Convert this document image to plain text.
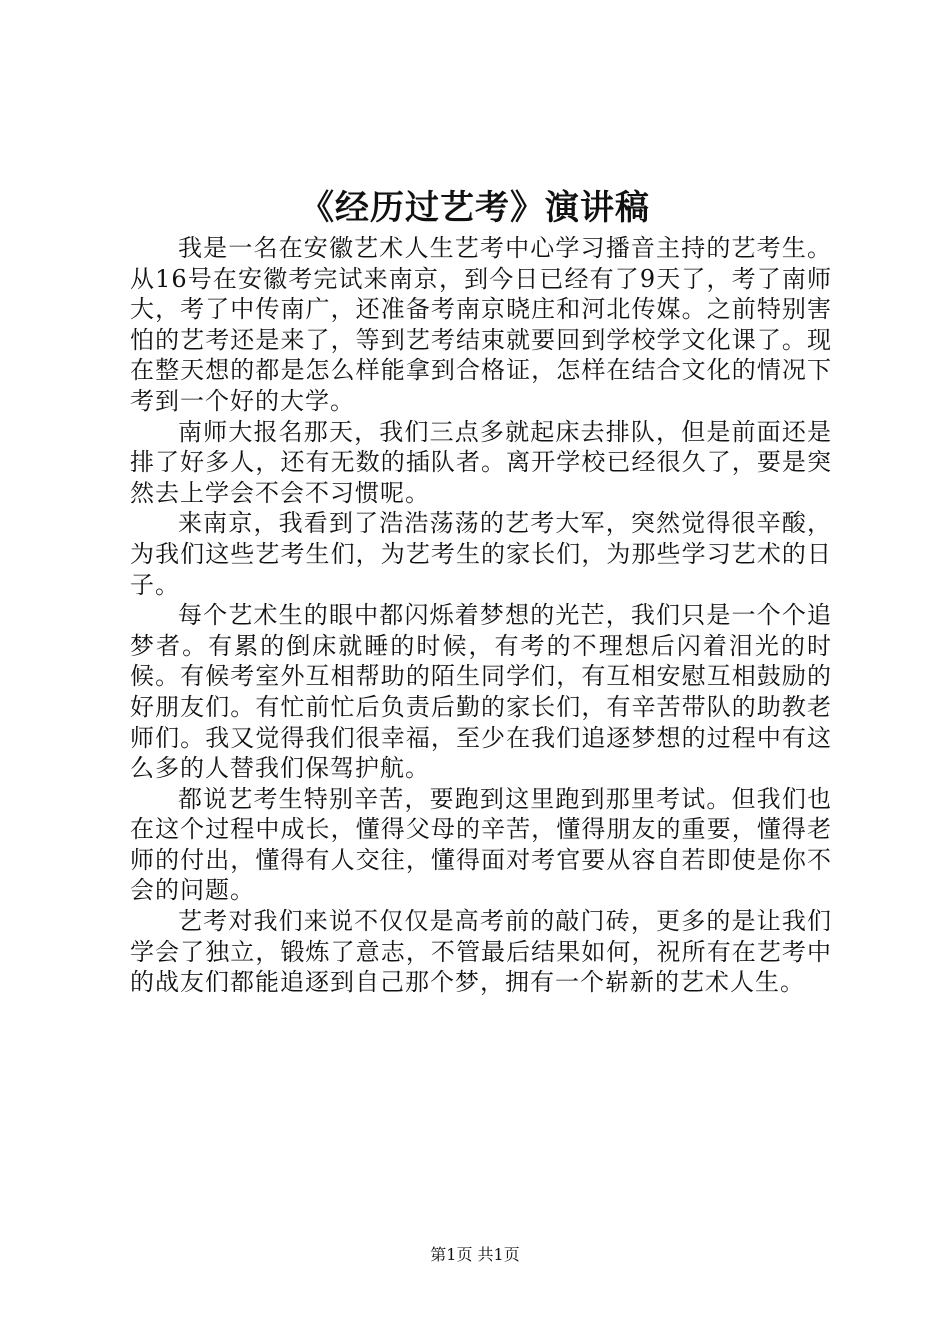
《经历过艺考》演讲稿

我是一名在安徽艺术人生艺考中心学习播音主持的艺考生。从16号在安徽考完试来南京，到今日已经有了9天了，考了南师大，考了中传南广，还准备考南京晓庄和河北传媒。之前特别害怕的艺考还是来了，等到艺考结束就要回到学校学文化课了。现在整天想的都是怎么样能拿到合格证，怎样在结合文化的情况下考到一个好的大学。

南师大报名那天，我们三点多就起床去排队，但是前面还是排了好多人，还有无数的插队者。离开学校已经很久了，要是突然去上学会不会不习惯呢。

来南京，我看到了浩浩荡荡的艺考大军，突然觉得很辛酸，为我们这些艺考生们，为艺考生的家长们，为那些学习艺术的日子。

每个艺术生的眼中都闪烁着梦想的光芒，我们只是一个个追梦者。有累的倒床就睡的时候，有考的不理想后闪着泪光的时候。有候考室外互相帮助的陌生同学们，有互相安慰互相鼓励的好朋友们。有忙前忙后负责后勤的家长们，有辛苦带队的助教老师们。我又觉得我们很幸福，至少在我们追逐梦想的过程中有这么多的人替我们保驾护航。

都说艺考生特别辛苦，要跑到这里跑到那里考试。但我们也在这个过程中成长，懂得父母的辛苦，懂得朋友的重要，懂得老师的付出，懂得有人交往，懂得面对考官要从容自若即使是你不会的问题。

艺考对我们来说不仅仅是高考前的敲门砖，更多的是让我们学会了独立，锻炼了意志，不管最后结果如何，祝所有在艺考中的战友们都能追逐到自己那个梦，拥有一个崭新的艺术人生。

第1页 共1页
